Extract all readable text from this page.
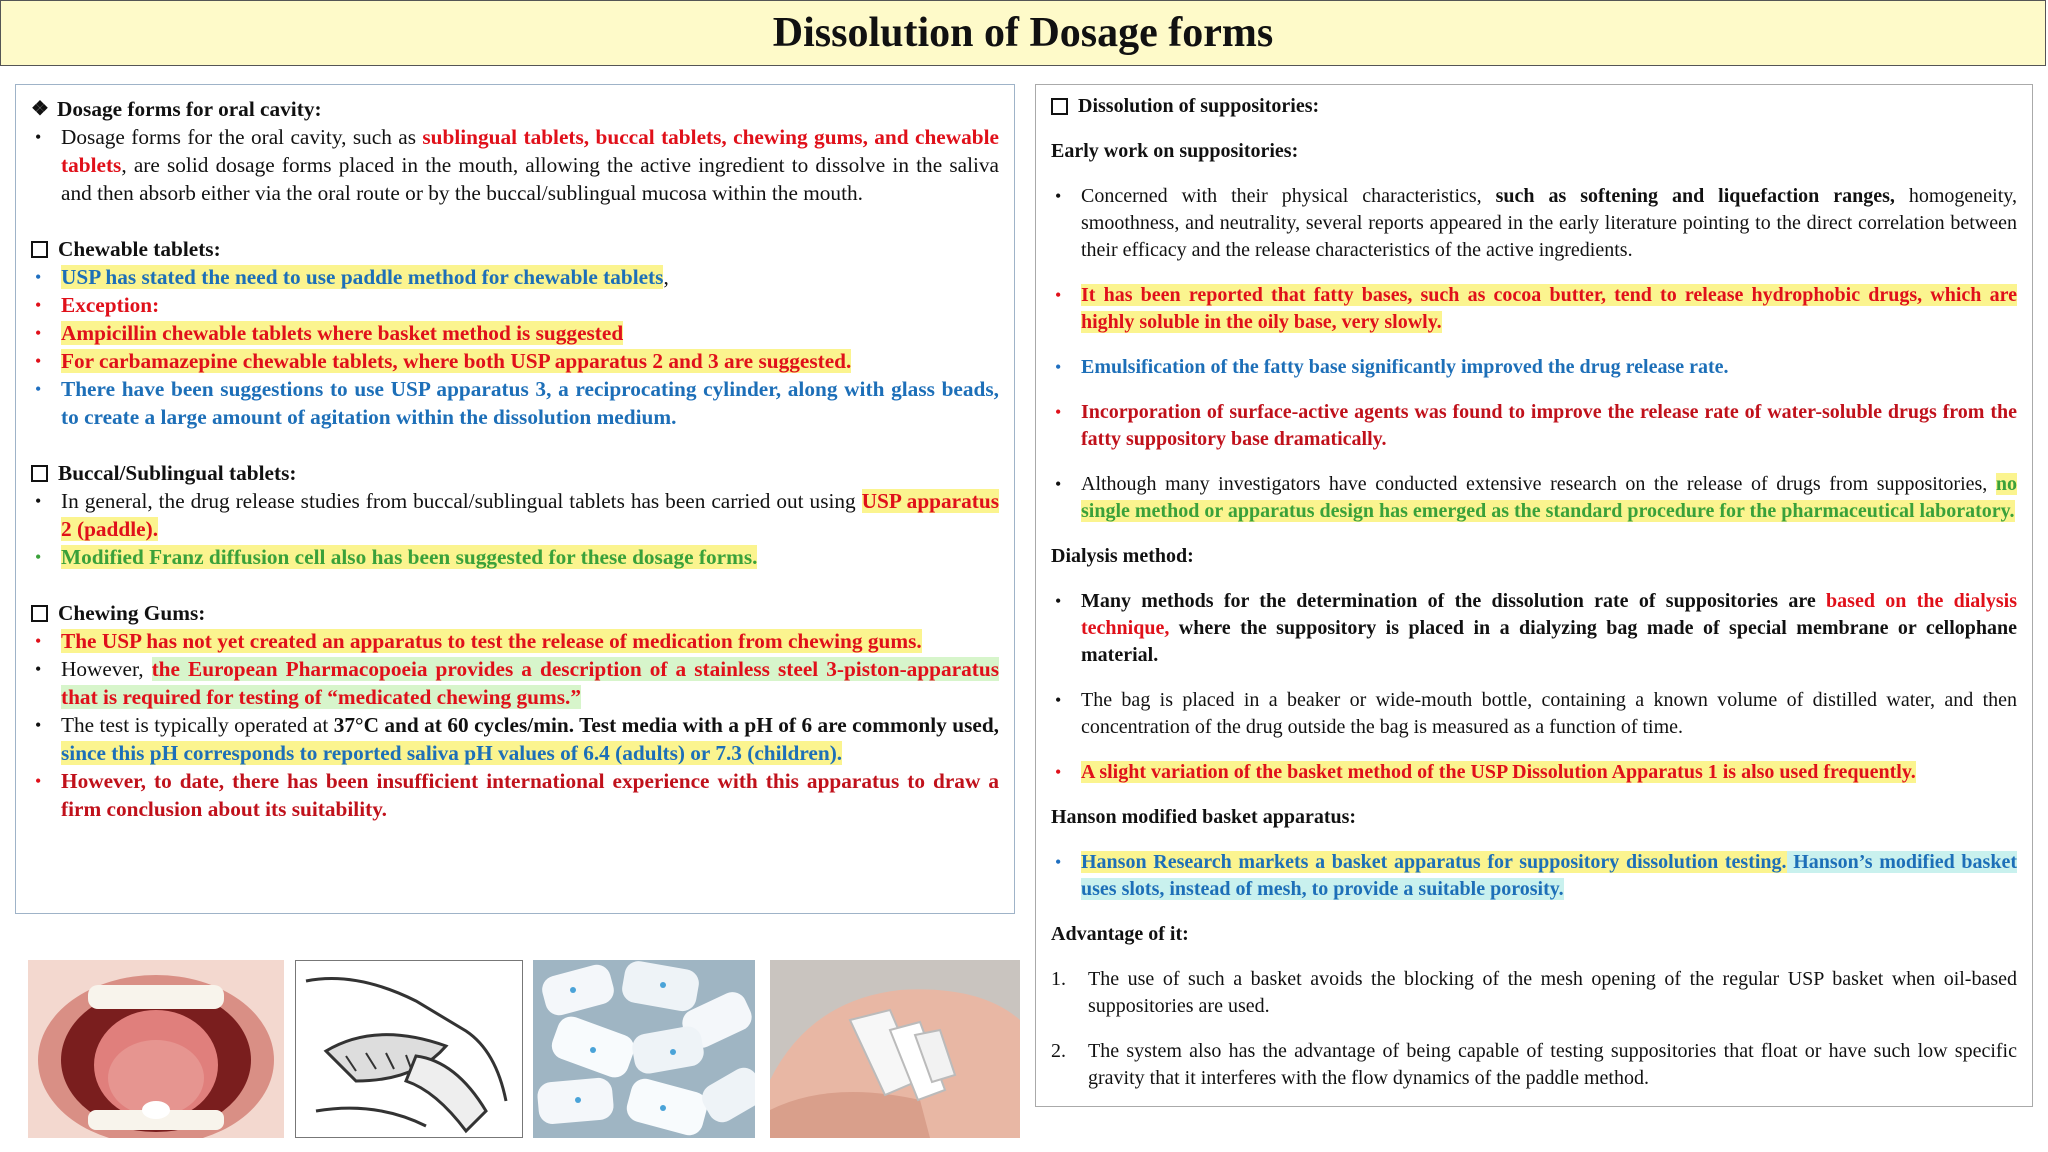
Dissolution of Dosage forms
❖ Dosage forms for oral cavity:
• Dosage forms for the oral cavity, such as sublingual tablets, buccal tablets, chewing gums, and chewable tablets, are solid dosage forms placed in the mouth, allowing the active ingredient to dissolve in the saliva and then absorb either via the oral route or by the buccal/sublingual mucosa within the mouth.
Chewable tablets:
• USP has stated the need to use paddle method for chewable tablets,
• Exception:
• Ampicillin chewable tablets where basket method is suggested
• For carbamazepine chewable tablets, where both USP apparatus 2 and 3 are suggested.
• There have been suggestions to use USP apparatus 3, a reciprocating cylinder, along with glass beads, to create a large amount of agitation within the dissolution medium.
Buccal/Sublingual tablets:
• In general, the drug release studies from buccal/sublingual tablets has been carried out using USP apparatus 2 (paddle).
• Modified Franz diffusion cell also has been suggested for these dosage forms.
Chewing Gums:
• The USP has not yet created an apparatus to test the release of medication from chewing gums.
• However, the European Pharmacopoeia provides a description of a stainless steel 3-piston-apparatus that is required for testing of “medicated chewing gums.”
• The test is typically operated at 37°C and at 60 cycles/min. Test media with a pH of 6 are commonly used, since this pH corresponds to reported saliva pH values of 6.4 (adults) or 7.3 (children).
• However, to date, there has been insufficient international experience with this apparatus to draw a firm conclusion about its suitability.
Dissolution of suppositories:
Early work on suppositories:
• Concerned with their physical characteristics, such as softening and liquefaction ranges, homogeneity, smoothness, and neutrality, several reports appeared in the early literature pointing to the direct correlation between their efficacy and the release characteristics of the active ingredients.
• It has been reported that fatty bases, such as cocoa butter, tend to release hydrophobic drugs, which are highly soluble in the oily base, very slowly.
• Emulsification of the fatty base significantly improved the drug release rate.
• Incorporation of surface-active agents was found to improve the release rate of water-soluble drugs from the fatty suppository base dramatically.
• Although many investigators have conducted extensive research on the release of drugs from suppositories, no single method or apparatus design has emerged as the standard procedure for the pharmaceutical laboratory.
Dialysis method:
• Many methods for the determination of the dissolution rate of suppositories are based on the dialysis technique, where the suppository is placed in a dialyzing bag made of special membrane or cellophane material.
• The bag is placed in a beaker or wide-mouth bottle, containing a known volume of distilled water, and then concentration of the drug outside the bag is measured as a function of time.
• A slight variation of the basket method of the USP Dissolution Apparatus 1 is also used frequently.
Hanson modified basket apparatus:
• Hanson Research markets a basket apparatus for suppository dissolution testing. Hanson’s modified basket uses slots, instead of mesh, to provide a suitable porosity.
Advantage of it:
1.	The use of such a basket avoids the blocking of the mesh opening of the regular USP basket when oil-based suppositories are used.
2.	The system also has the advantage of being capable of testing suppositories that float or have such low specific gravity that it interferes with the flow dynamics of the paddle method.
